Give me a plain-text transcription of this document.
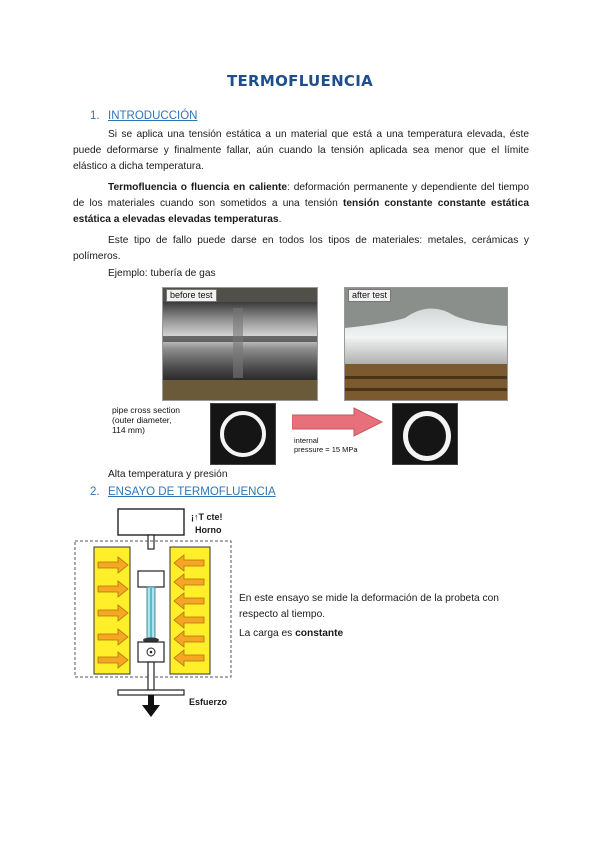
TERMOFLUENCIA
1. INTRODUCCIÓN
Si se aplica una tensión estática a un material que está a una temperatura elevada, éste puede deformarse y finalmente fallar, aún cuando la tensión aplicada sea menor que el límite elástico a dicha temperatura.
Termofluencia o fluencia en caliente: deformación permanente y dependiente del tiempo de los materiales cuando son sometidos a una tensión tensión constante constante estática estática a elevadas elevadas temperaturas.
Este tipo de fallo puede darse en todos los tipos de materiales: metales, cerámicas y polímeros.
Ejemplo: tubería de gas
before test	after test
pipe cross section
(outer diameter,
114 mm)
internal
pressure = 15 MPa
Alta temperatura y presión
2. ENSAYO DE TERMOFLUENCIA
¡↑T cte!
Horno
Esfuerzo
En este ensayo se mide la deformación de la probeta con respecto al tiempo.
La carga es constante
